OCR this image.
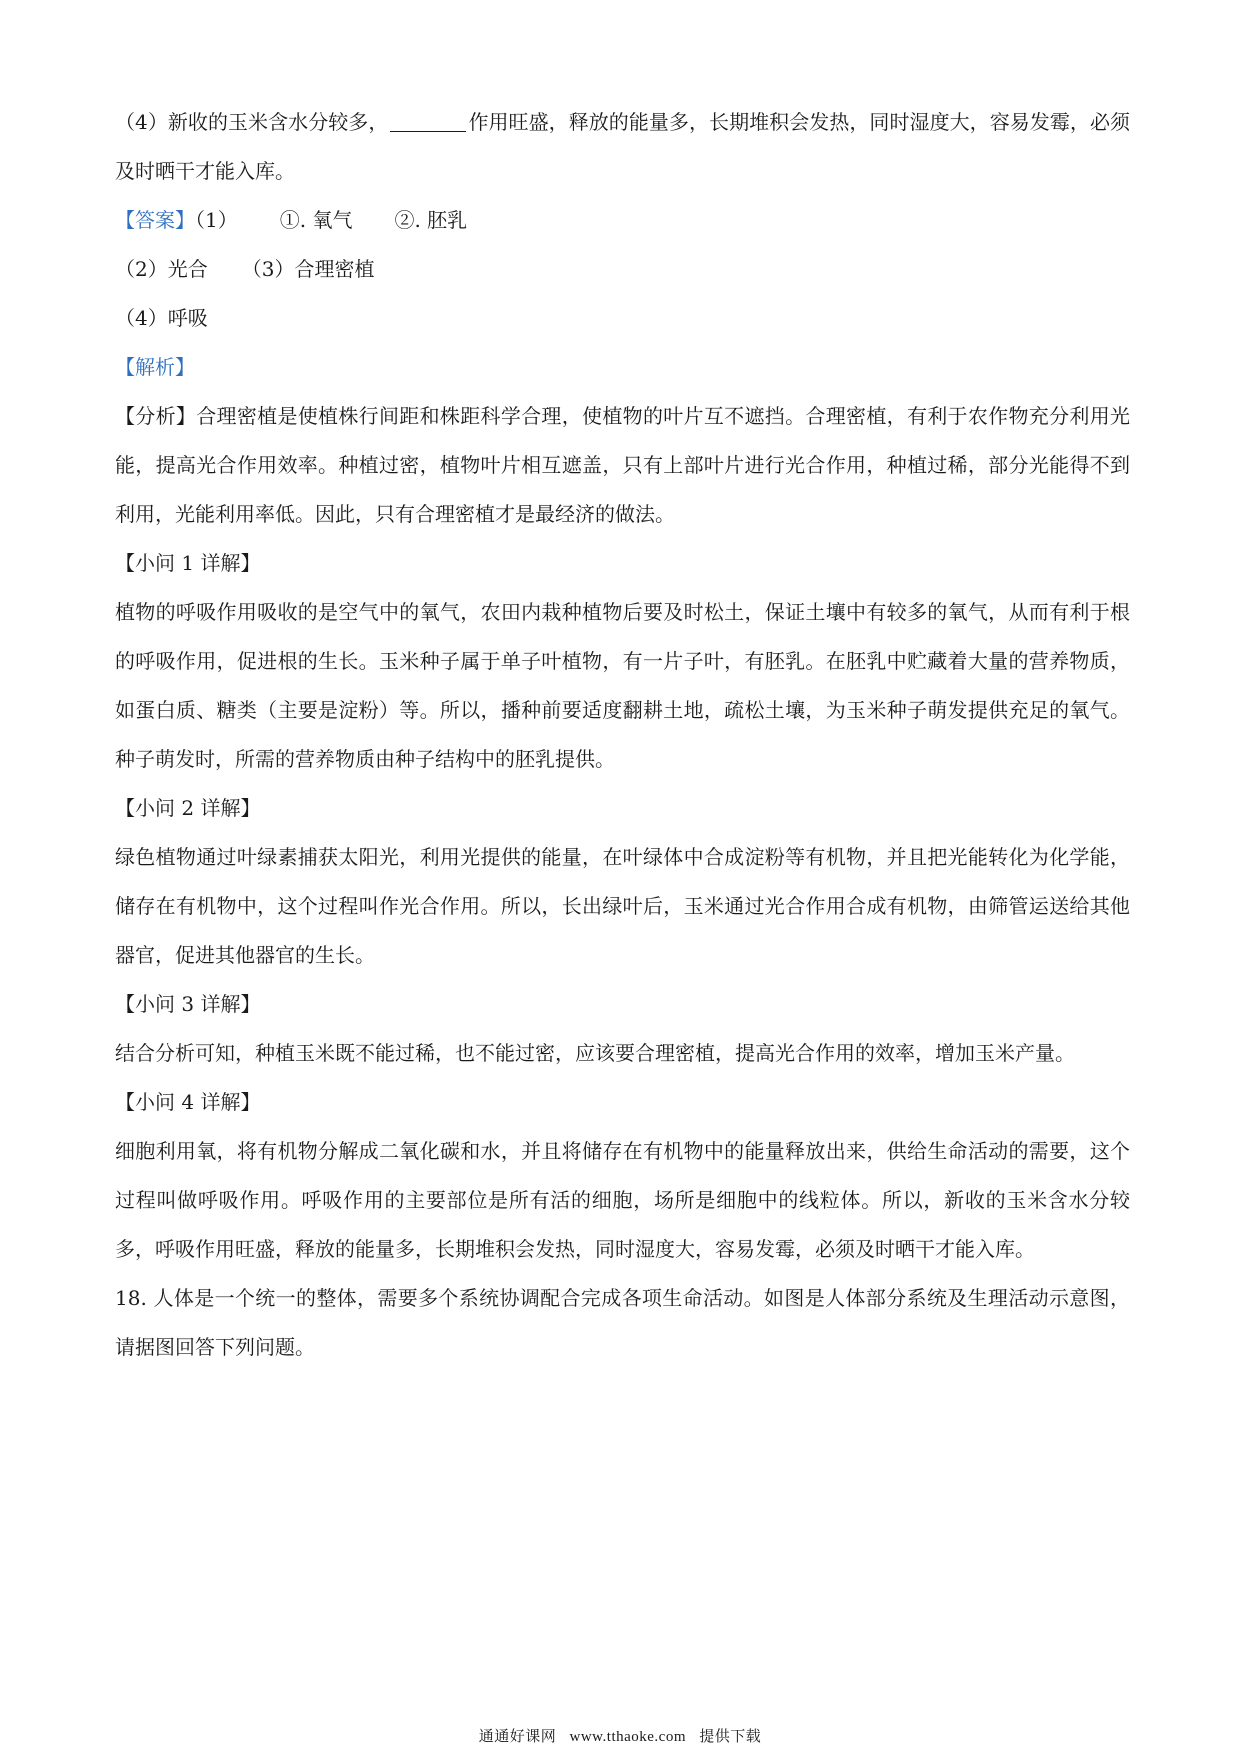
（4）新收的玉米含水分较多，	作用旺盛，释放的能量多，长期堆积会发热，同时湿度大，容易发霉，必须及时晒干才能入库。

【答案】（1） ①. 氧气 ②. 胚乳

（2）光合 （3）合理密植

（4）呼吸

【解析】

【分析】合理密植是使植株行间距和株距科学合理，使植物的叶片互不遮挡。合理密植，有利于农作物充分利用光能，提高光合作用效率。种植过密，植物叶片相互遮盖，只有上部叶片进行光合作用，种植过稀，部分光能得不到利用，光能利用率低。因此，只有合理密植才是最经济的做法。

【小问 1 详解】

植物的呼吸作用吸收的是空气中的氧气，农田内栽种植物后要及时松土，保证土壤中有较多的氧气，从而有利于根的呼吸作用，促进根的生长。玉米种子属于单子叶植物，有一片子叶，有胚乳。在胚乳中贮藏着大量的营养物质，如蛋白质、糖类（主要是淀粉）等。所以，播种前要适度翻耕土地，疏松土壤，为玉米种子萌发提供充足的氧气。种子萌发时，所需的营养物质由种子结构中的胚乳提供。

【小问 2 详解】

绿色植物通过叶绿素捕获太阳光，利用光提供的能量，在叶绿体中合成淀粉等有机物，并且把光能转化为化学能，储存在有机物中，这个过程叫作光合作用。所以，长出绿叶后，玉米通过光合作用合成有机物，由筛管运送给其他器官，促进其他器官的生长。

【小问 3 详解】

结合分析可知，种植玉米既不能过稀，也不能过密，应该要合理密植，提高光合作用的效率，增加玉米产量。

【小问 4 详解】

细胞利用氧，将有机物分解成二氧化碳和水，并且将储存在有机物中的能量释放出来，供给生命活动的需要，这个过程叫做呼吸作用。呼吸作用的主要部位是所有活的细胞，场所是细胞中的线粒体。所以，新收的玉米含水分较多，呼吸作用旺盛，释放的能量多，长期堆积会发热，同时湿度大，容易发霉，必须及时晒干才能入库。

18. 人体是一个统一的整体，需要多个系统协调配合完成各项生命活动。如图是人体部分系统及生理活动示意图，请据图回答下列问题。

通通好课网 www.tthaoke.com 提供下载
